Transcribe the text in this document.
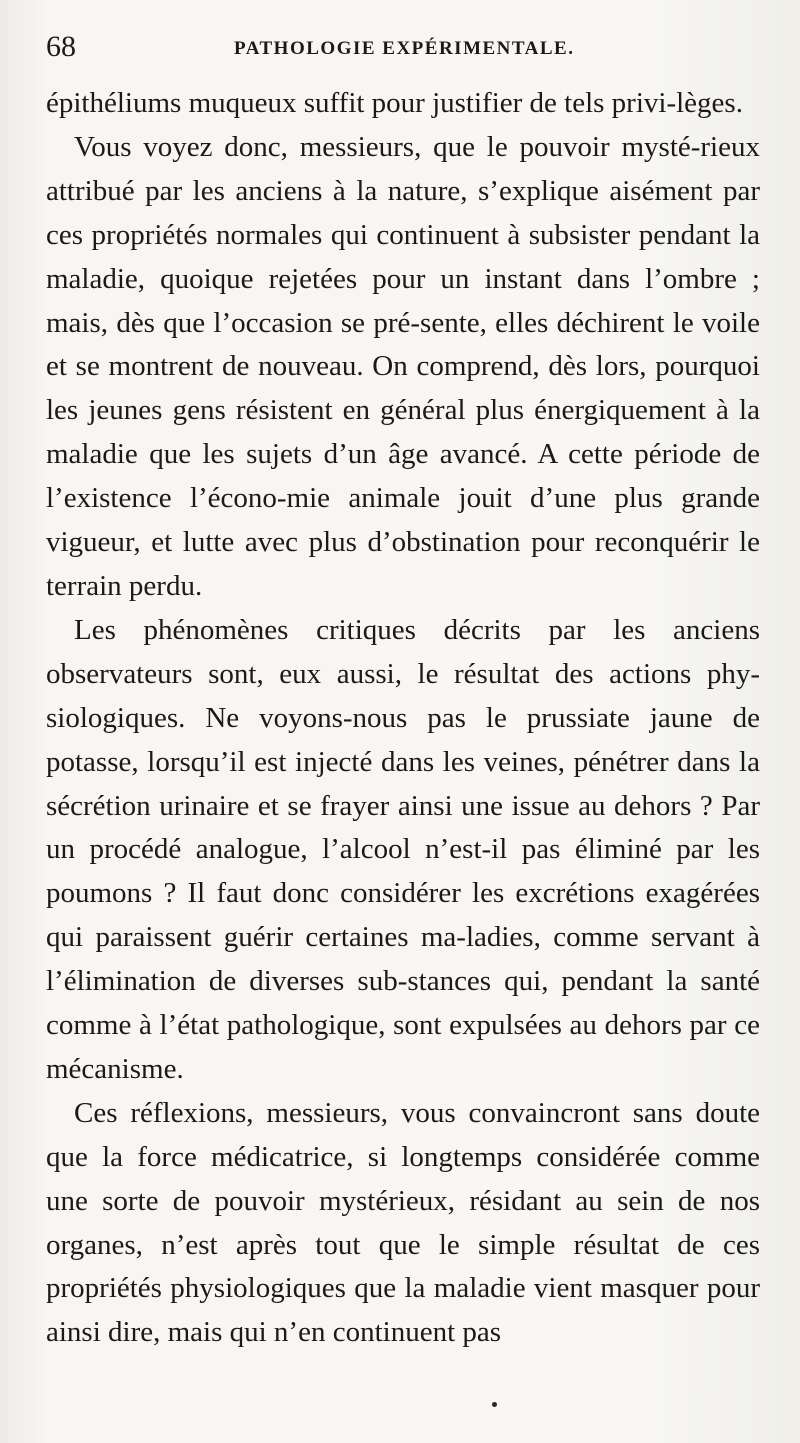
68	PATHOLOGIE EXPÉRIMENTALE.

épithéliums muqueux suffit pour justifier de tels privi-lèges.

Vous voyez donc, messieurs, que le pouvoir mysté-rieux attribué par les anciens à la nature, s’explique aisément par ces propriétés normales qui continuent à subsister pendant la maladie, quoique rejetées pour un instant dans l’ombre ; mais, dès que l’occasion se pré-sente, elles déchirent le voile et se montrent de nouveau. On comprend, dès lors, pourquoi les jeunes gens résistent en général plus énergiquement à la maladie que les sujets d’un âge avancé. A cette période de l’existence l’écono-mie animale jouit d’une plus grande vigueur, et lutte avec plus d’obstination pour reconquérir le terrain perdu.

Les phénomènes critiques décrits par les anciens observateurs sont, eux aussi, le résultat des actions phy-siologiques. Ne voyons-nous pas le prussiate jaune de potasse, lorsqu’il est injecté dans les veines, pénétrer dans la sécrétion urinaire et se frayer ainsi une issue au dehors ? Par un procédé analogue, l’alcool n’est-il pas éliminé par les poumons ? Il faut donc considérer les excrétions exagérées qui paraissent guérir certaines ma-ladies, comme servant à l’élimination de diverses sub-stances qui, pendant la santé comme à l’état pathologique, sont expulsées au dehors par ce mécanisme.

Ces réflexions, messieurs, vous convaincront sans doute que la force médicatrice, si longtemps considérée comme une sorte de pouvoir mystérieux, résidant au sein de nos organes, n’est après tout que le simple résultat de ces propriétés physiologiques que la maladie vient masquer pour ainsi dire, mais qui n’en continuent pas
